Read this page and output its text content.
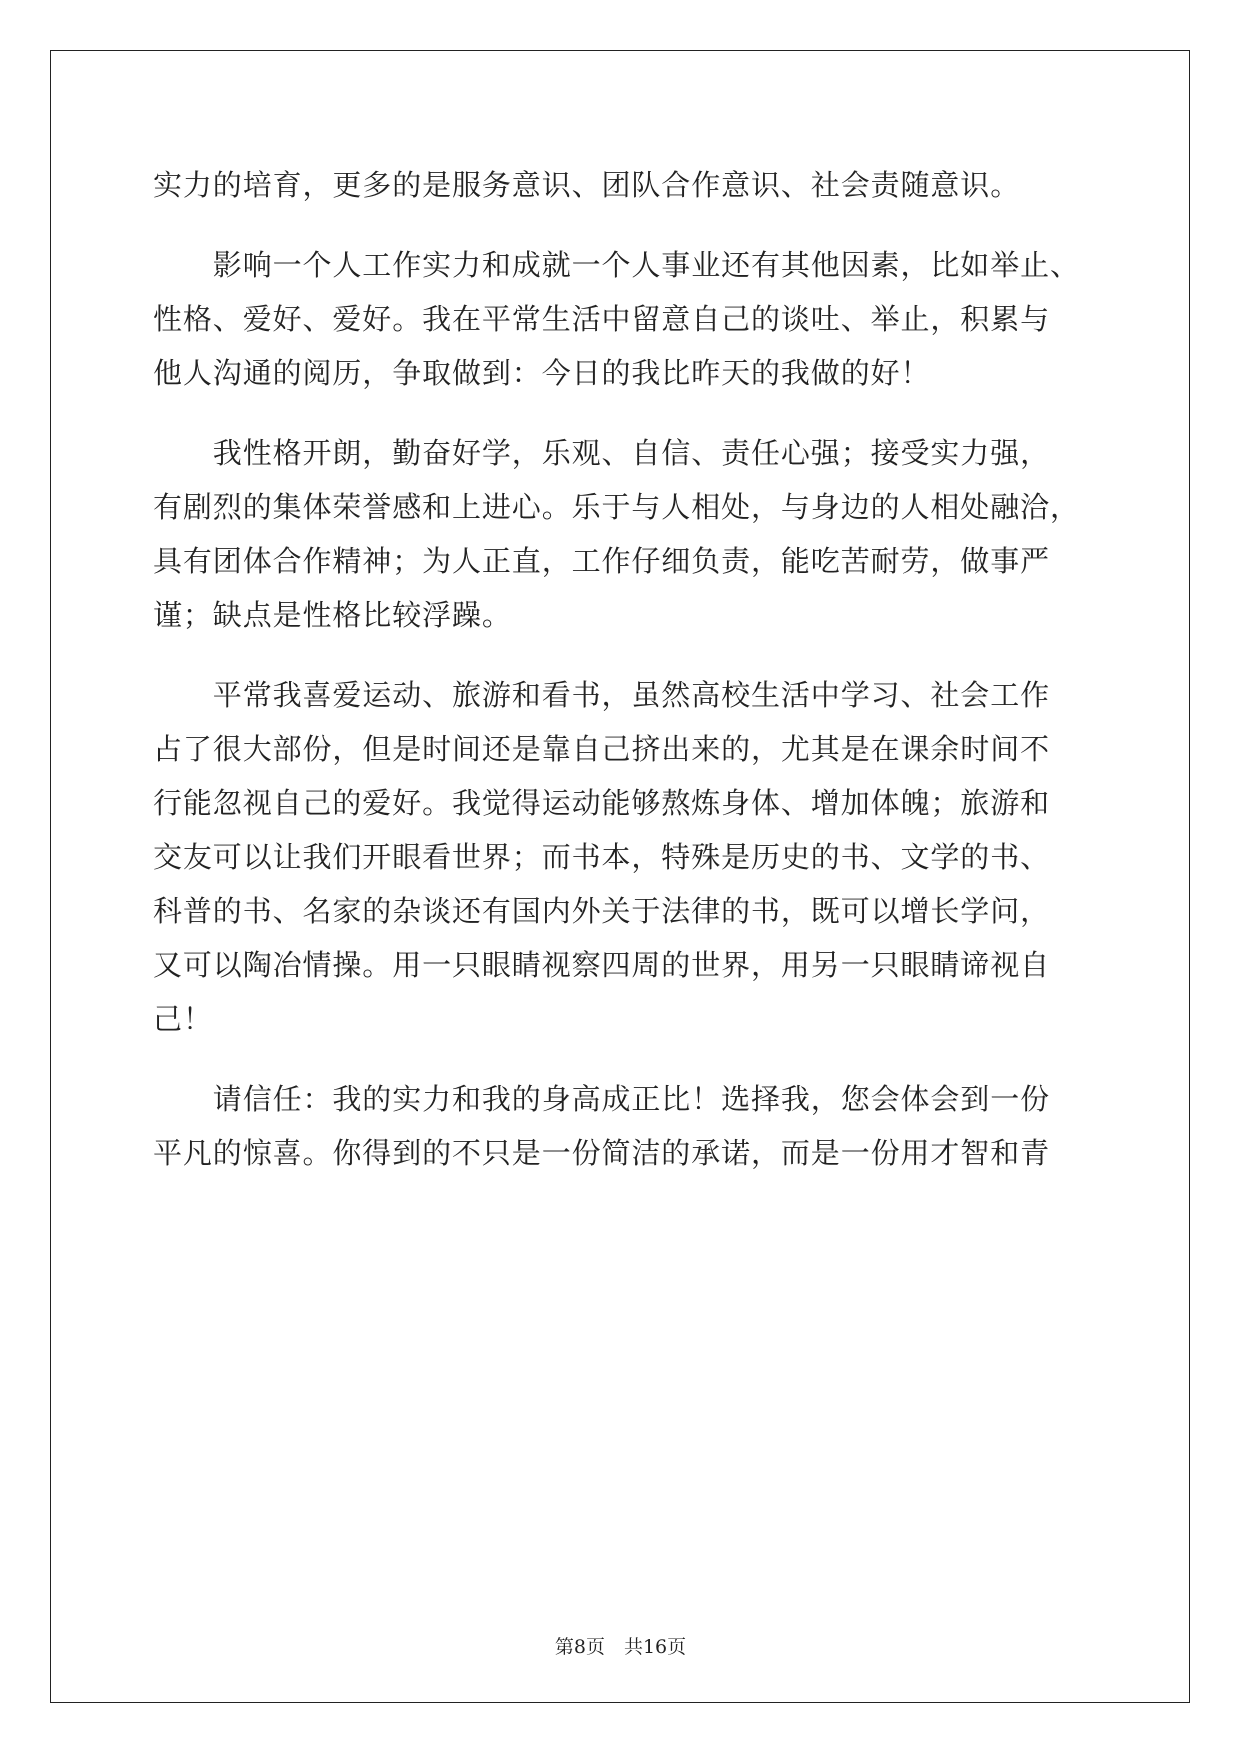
实力的培育，更多的是服务意识、团队合作意识、社会责随意识。
　　影响一个人工作实力和成就一个人事业还有其他因素，比如举止、
性格、爱好、爱好。我在平常生活中留意自己的谈吐、举止，积累与
他人沟通的阅历，争取做到：今日的我比昨天的我做的好！
　　我性格开朗，勤奋好学，乐观、自信、责任心强；接受实力强，
有剧烈的集体荣誉感和上进心。乐于与人相处，与身边的人相处融洽，
具有团体合作精神；为人正直，工作仔细负责，能吃苦耐劳，做事严
谨；缺点是性格比较浮躁。
　　平常我喜爱运动、旅游和看书，虽然高校生活中学习、社会工作
占了很大部份，但是时间还是靠自己挤出来的，尤其是在课余时间不
行能忽视自己的爱好。我觉得运动能够熬炼身体、增加体魄；旅游和
交友可以让我们开眼看世界；而书本，特殊是历史的书、文学的书、
科普的书、名家的杂谈还有国内外关于法律的书，既可以增长学问，
又可以陶冶情操。用一只眼睛视察四周的世界，用另一只眼睛谛视自
己！
　　请信任：我的实力和我的身高成正比！选择我，您会体会到一份
平凡的惊喜。你得到的不只是一份简洁的承诺，而是一份用才智和青
第8页　共16页
